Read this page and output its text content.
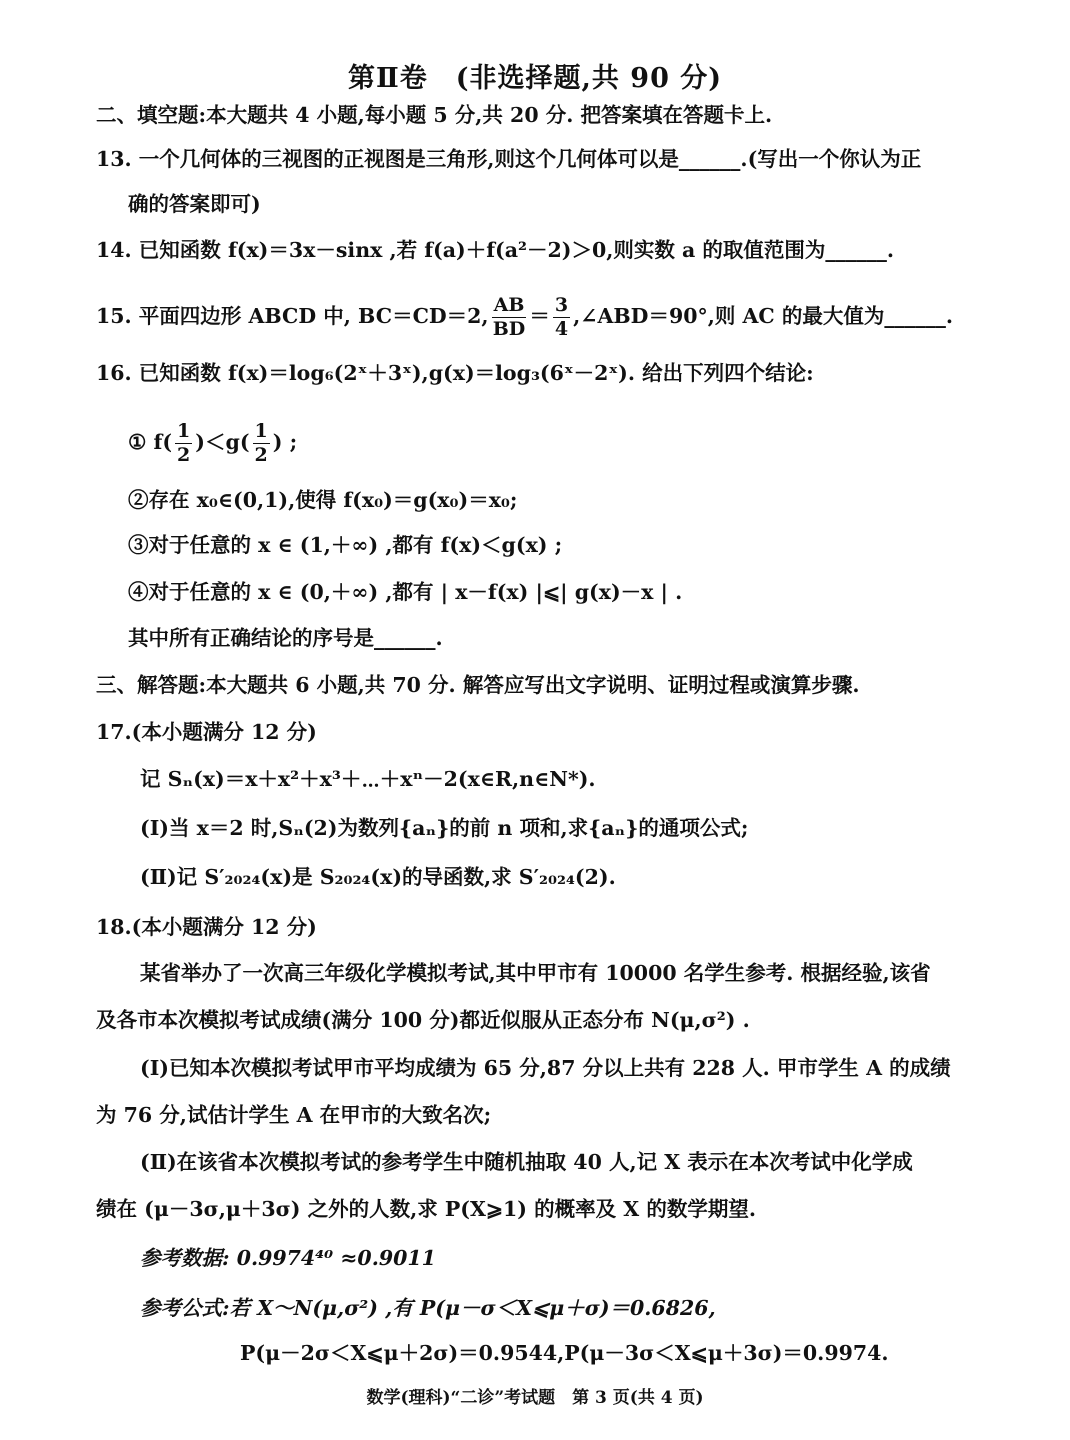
第Ⅱ卷　(非选择题,共 90 分)
二、填空题:本大题共 4 小题,每小题 5 分,共 20 分. 把答案填在答题卡上.
13. 一个几何体的三视图的正视图是三角形,则这个几何体可以是______.(写出一个你认为正
确的答案即可)
14. 已知函数 f(x)＝3x－sinx ,若 f(a)＋f(a²－2)＞0,则实数 a 的取值范围为______.
15. 平面四边形 ABCD 中, BC＝CD＝2, $\frac{AB}{BD} = \frac{3}{4}$ ,∠ABD＝90°,则 AC 的最大值为______.
16. 已知函数 f(x)＝log₆(2ˣ＋3ˣ),g(x)＝log₃(6ˣ－2ˣ). 给出下列四个结论:
① $f( \frac{1}{2} )<g( \frac{1}{2}$ ) ;
②存在 x₀∈(0,1),使得 f(x₀)＝g(x₀)＝x₀;
③对于任意的 x ∈ (1,＋∞) ,都有 f(x)＜g(x) ;
④对于任意的 x ∈ (0,＋∞) ,都有 | x－f(x) |⩽| g(x)－x | .
其中所有正确结论的序号是______.
三、解答题:本大题共 6 小题,共 70 分. 解答应写出文字说明、证明过程或演算步骤.
17.(本小题满分 12 分)
记 Sₙ(x)＝x＋x²＋x³＋⋯＋xⁿ－2(x∈R,n∈N*).
(Ⅰ)当 x＝2 时,Sₙ(2)为数列{aₙ}的前 n 项和,求{aₙ}的通项公式;
(Ⅱ)记 S′₂₀₂₄(x)是 S₂₀₂₄(x)的导函数,求 S′₂₀₂₄(2).
18.(本小题满分 12 分)
某省举办了一次高三年级化学模拟考试,其中甲市有 10000 名学生参考. 根据经验,该省
及各市本次模拟考试成绩(满分 100 分)都近似服从正态分布 N(μ,σ²) .
(Ⅰ)已知本次模拟考试甲市平均成绩为 65 分,87 分以上共有 228 人. 甲市学生 A 的成绩
为 76 分,试估计学生 A 在甲市的大致名次;
(Ⅱ)在该省本次模拟考试的参考学生中随机抽取 40 人,记 X 表示在本次考试中化学成
绩在 (μ－3σ,μ＋3σ) 之外的人数,求 P(X⩾1) 的概率及 X 的数学期望.
参考数据: 0.9974⁴⁰ ≈0.9011
参考公式:若 X～N(μ,σ²) ,有 P(μ－σ＜X⩽μ＋σ)＝0.6826,
P(μ－2σ＜X⩽μ＋2σ)＝0.9544,P(μ－3σ＜X⩽μ＋3σ)＝0.9974.
数学(理科)“二诊”考试题　第 3 页(共 4 页)
